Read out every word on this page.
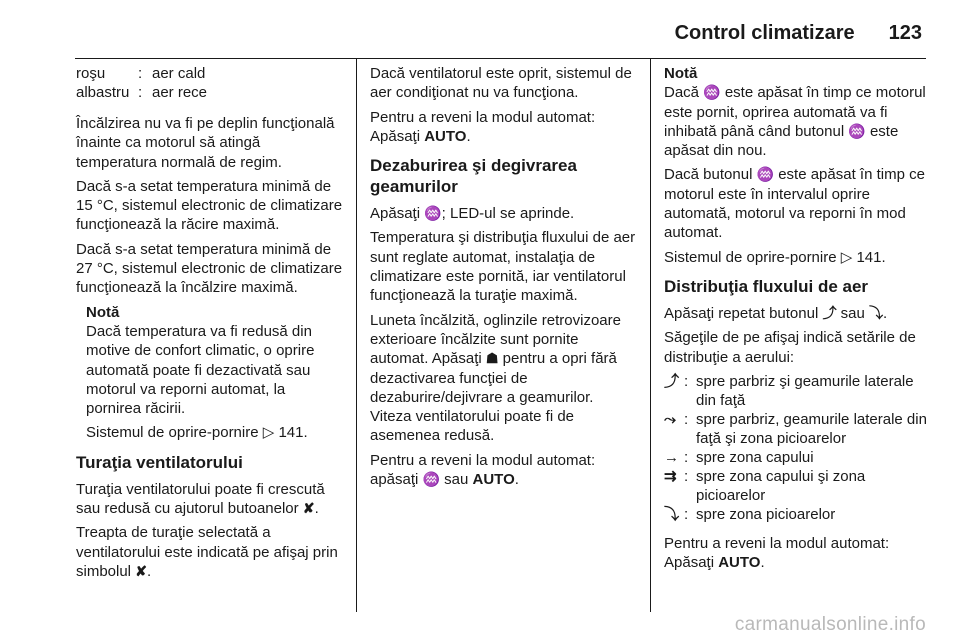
Control climatizare 123
roşu	:	aer cald
albastru	:	aer rece

Încălzirea nu va fi pe deplin funcţională înainte ca motorul să atingă temperatura normală de regim.

Dacă s-a setat temperatura minimă de 15 °C, sistemul electronic de climatizare funcţionează la răcire maximă.

Dacă s-a setat temperatura minimă de 27 °C, sistemul electronic de climatizare funcţionează la încălzire maximă.

Notă

Dacă temperatura va fi redusă din motive de confort climatic, o oprire automată poate fi dezactivată sau motorul va reporni automat, la pornirea răcirii.

Sistemul de oprire-pornire ▷ 141.

Turaţia ventilatorului

Turaţia ventilatorului poate fi crescută sau redusă cu ajutorul butoanelor ✘.

Treapta de turaţie selectată a ventilatorului este indicată pe afişaj prin simbolul ✘.

Dacă ventilatorul este oprit, sistemul de aer condiţionat nu va funcţiona.

Pentru a reveni la modul automat: Apăsaţi AUTO.

Dezaburirea şi degivrarea geamurilor

Apăsaţi ♒; LED-ul se aprinde.

Temperatura şi distribuţia fluxului de aer sunt reglate automat, instalaţia de climatizare este pornită, iar ventilatorul funcţionează la turaţie maximă.

Luneta încălzită, oglinzile retrovizoare exterioare încălzite sunt pornite automat. Apăsaţi ☗ pentru a opri fără dezactivarea funcţiei de dezaburire/dejivrare a geamurilor. Viteza ventilatorului poate fi de asemenea redusă.

Pentru a reveni la modul automat: apăsaţi ♒ sau AUTO.

Notă

Dacă ♒ este apăsat în timp ce motorul este pornit, oprirea automată va fi inhibată până când butonul ♒ este apăsat din nou.

Dacă butonul ♒ este apăsat în timp ce motorul este în intervalul oprire automată, motorul va reporni în mod automat.

Sistemul de oprire-pornire ▷ 141.

Distribuţia fluxului de aer

Apăsaţi repetat butonul ⤴ sau ⤵.

Săgeţile de pe afişaj indică setările de distribuţie a aerului:

⤴	:	spre parbriz şi geamurile laterale din faţă
⤳	:	spre parbriz, geamurile laterale din faţă şi zona picioarelor
→	:	spre zona capului
⇉	:	spre zona capului şi zona picioarelor
⤵	:	spre zona picioarelor

Pentru a reveni la modul automat: Apăsaţi AUTO.

carmanualsonline.info
